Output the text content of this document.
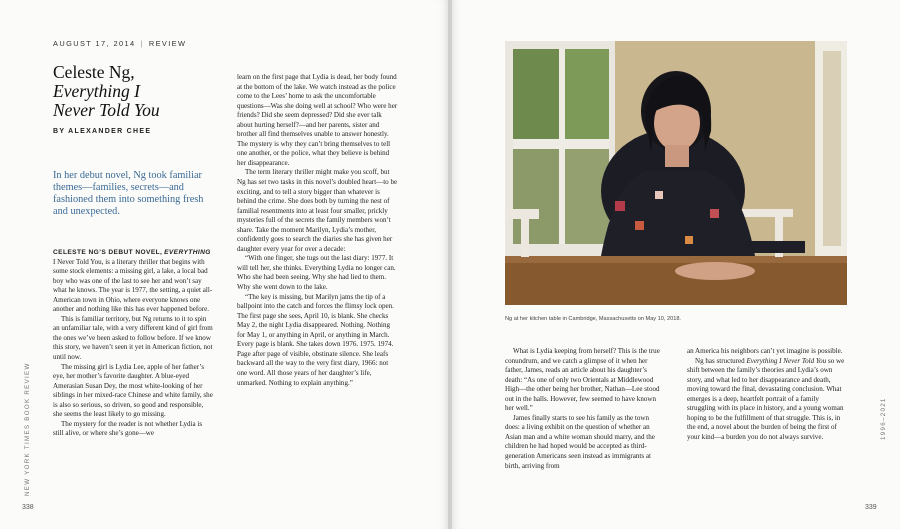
AUGUST 17, 2014 | REVIEW
Celeste Ng,
Everything I
Never Told You
BY ALEXANDER CHEE
In her debut novel, Ng took familiar themes—families, secrets—and fashioned them into something fresh and unexpected.

CELESTE NG’S DEBUT NOVEL, EVERYTHING I Never Told You, is a literary thriller that begins with some stock elements: a missing girl, a lake, a local bad boy who was one of the last to see her and won’t say what he knows. The year is 1977, the setting, a quiet all-American town in Ohio, where everyone knows one another and nothing like this has ever happened before.

This is familiar territory, but Ng returns to it to spin an unfamiliar tale, with a very different kind of girl from the ones we’ve been asked to follow before. If we know this story, we haven’t seen it yet in American fiction, not until now.

The missing girl is Lydia Lee, apple of her father’s eye, her mother’s favorite daughter. A blue-eyed Amerasian Susan Dey, the most white-looking of her siblings in her mixed-race Chinese and white family, she is also so serious, so driven, so good and responsible, she seems the least likely to go missing.

The mystery for the reader is not whether Lydia is still alive, or where she’s gone—we

learn on the first page that Lydia is dead, her body found at the bottom of the lake. We watch instead as the police come to the Lees’ home to ask the uncomfortable questions—Was she doing well at school? Who were her friends? Did she seem depressed? Did she ever talk about hurting herself?—and her parents, sister and brother all find themselves unable to answer honestly. The mystery is why they can’t bring themselves to tell one another, or the police, what they believe is behind her disappearance.

The term literary thriller might make you scoff, but Ng has set two tasks in this novel’s doubled heart—to be exciting, and to tell a story bigger than whatever is behind the crime. She does both by turning the nest of familial resentments into at least four smaller, prickly mysteries full of the secrets the family members won’t share. Take the moment Marilyn, Lydia’s mother, confidently goes to search the diaries she has given her daughter every year for over a decade:

“With one finger, she tugs out the last diary: 1977. It will tell her, she thinks. Everything Lydia no longer can. Who she had been seeing. Why she had lied to them. Why she went down to the lake.

“The key is missing, but Marilyn jams the tip of a ballpoint into the catch and forces the flimsy lock open. The first page she sees, April 10, is blank. She checks May 2, the night Lydia disappeared. Nothing. Nothing for May 1, or anything in April, or anything in March. Every page is blank. She takes down 1976. 1975. 1974. Page after page of visible, obstinate silence. She leafs backward all the way to the very first diary, 1966: not one word. All those years of her daughter’s life, unmarked. Nothing to explain anything.”

NEW YORK TIMES BOOK REVIEW
338
Ng at her kitchen table in Cambridge, Massachusetts on May 10, 2018.

What is Lydia keeping from herself? This is the true conundrum, and we catch a glimpse of it when her father, James, reads an article about his daughter’s death: “As one of only two Orientals at Middlewood High—the other being her brother, Nathan—Lee stood out in the halls. However, few seemed to have known her well.”

James finally starts to see his family as the town does: a living exhibit on the question of whether an Asian man and a white woman should marry, and the children he had hoped would be accepted as third-generation Americans seen instead as immigrants at birth, arriving from

an America his neighbors can’t yet imagine is possible.

Ng has structured Everything I Never Told You so we shift between the family’s theories and Lydia’s own story, and what led to her disappearance and death, moving toward the final, devastating conclusion. What emerges is a deep, heartfelt portrait of a family struggling with its place in history, and a young woman hoping to be the fulfillment of that struggle. This is, in the end, a novel about the burden of being the first of your kind—a burden you do not always survive.	1996–2021
339
